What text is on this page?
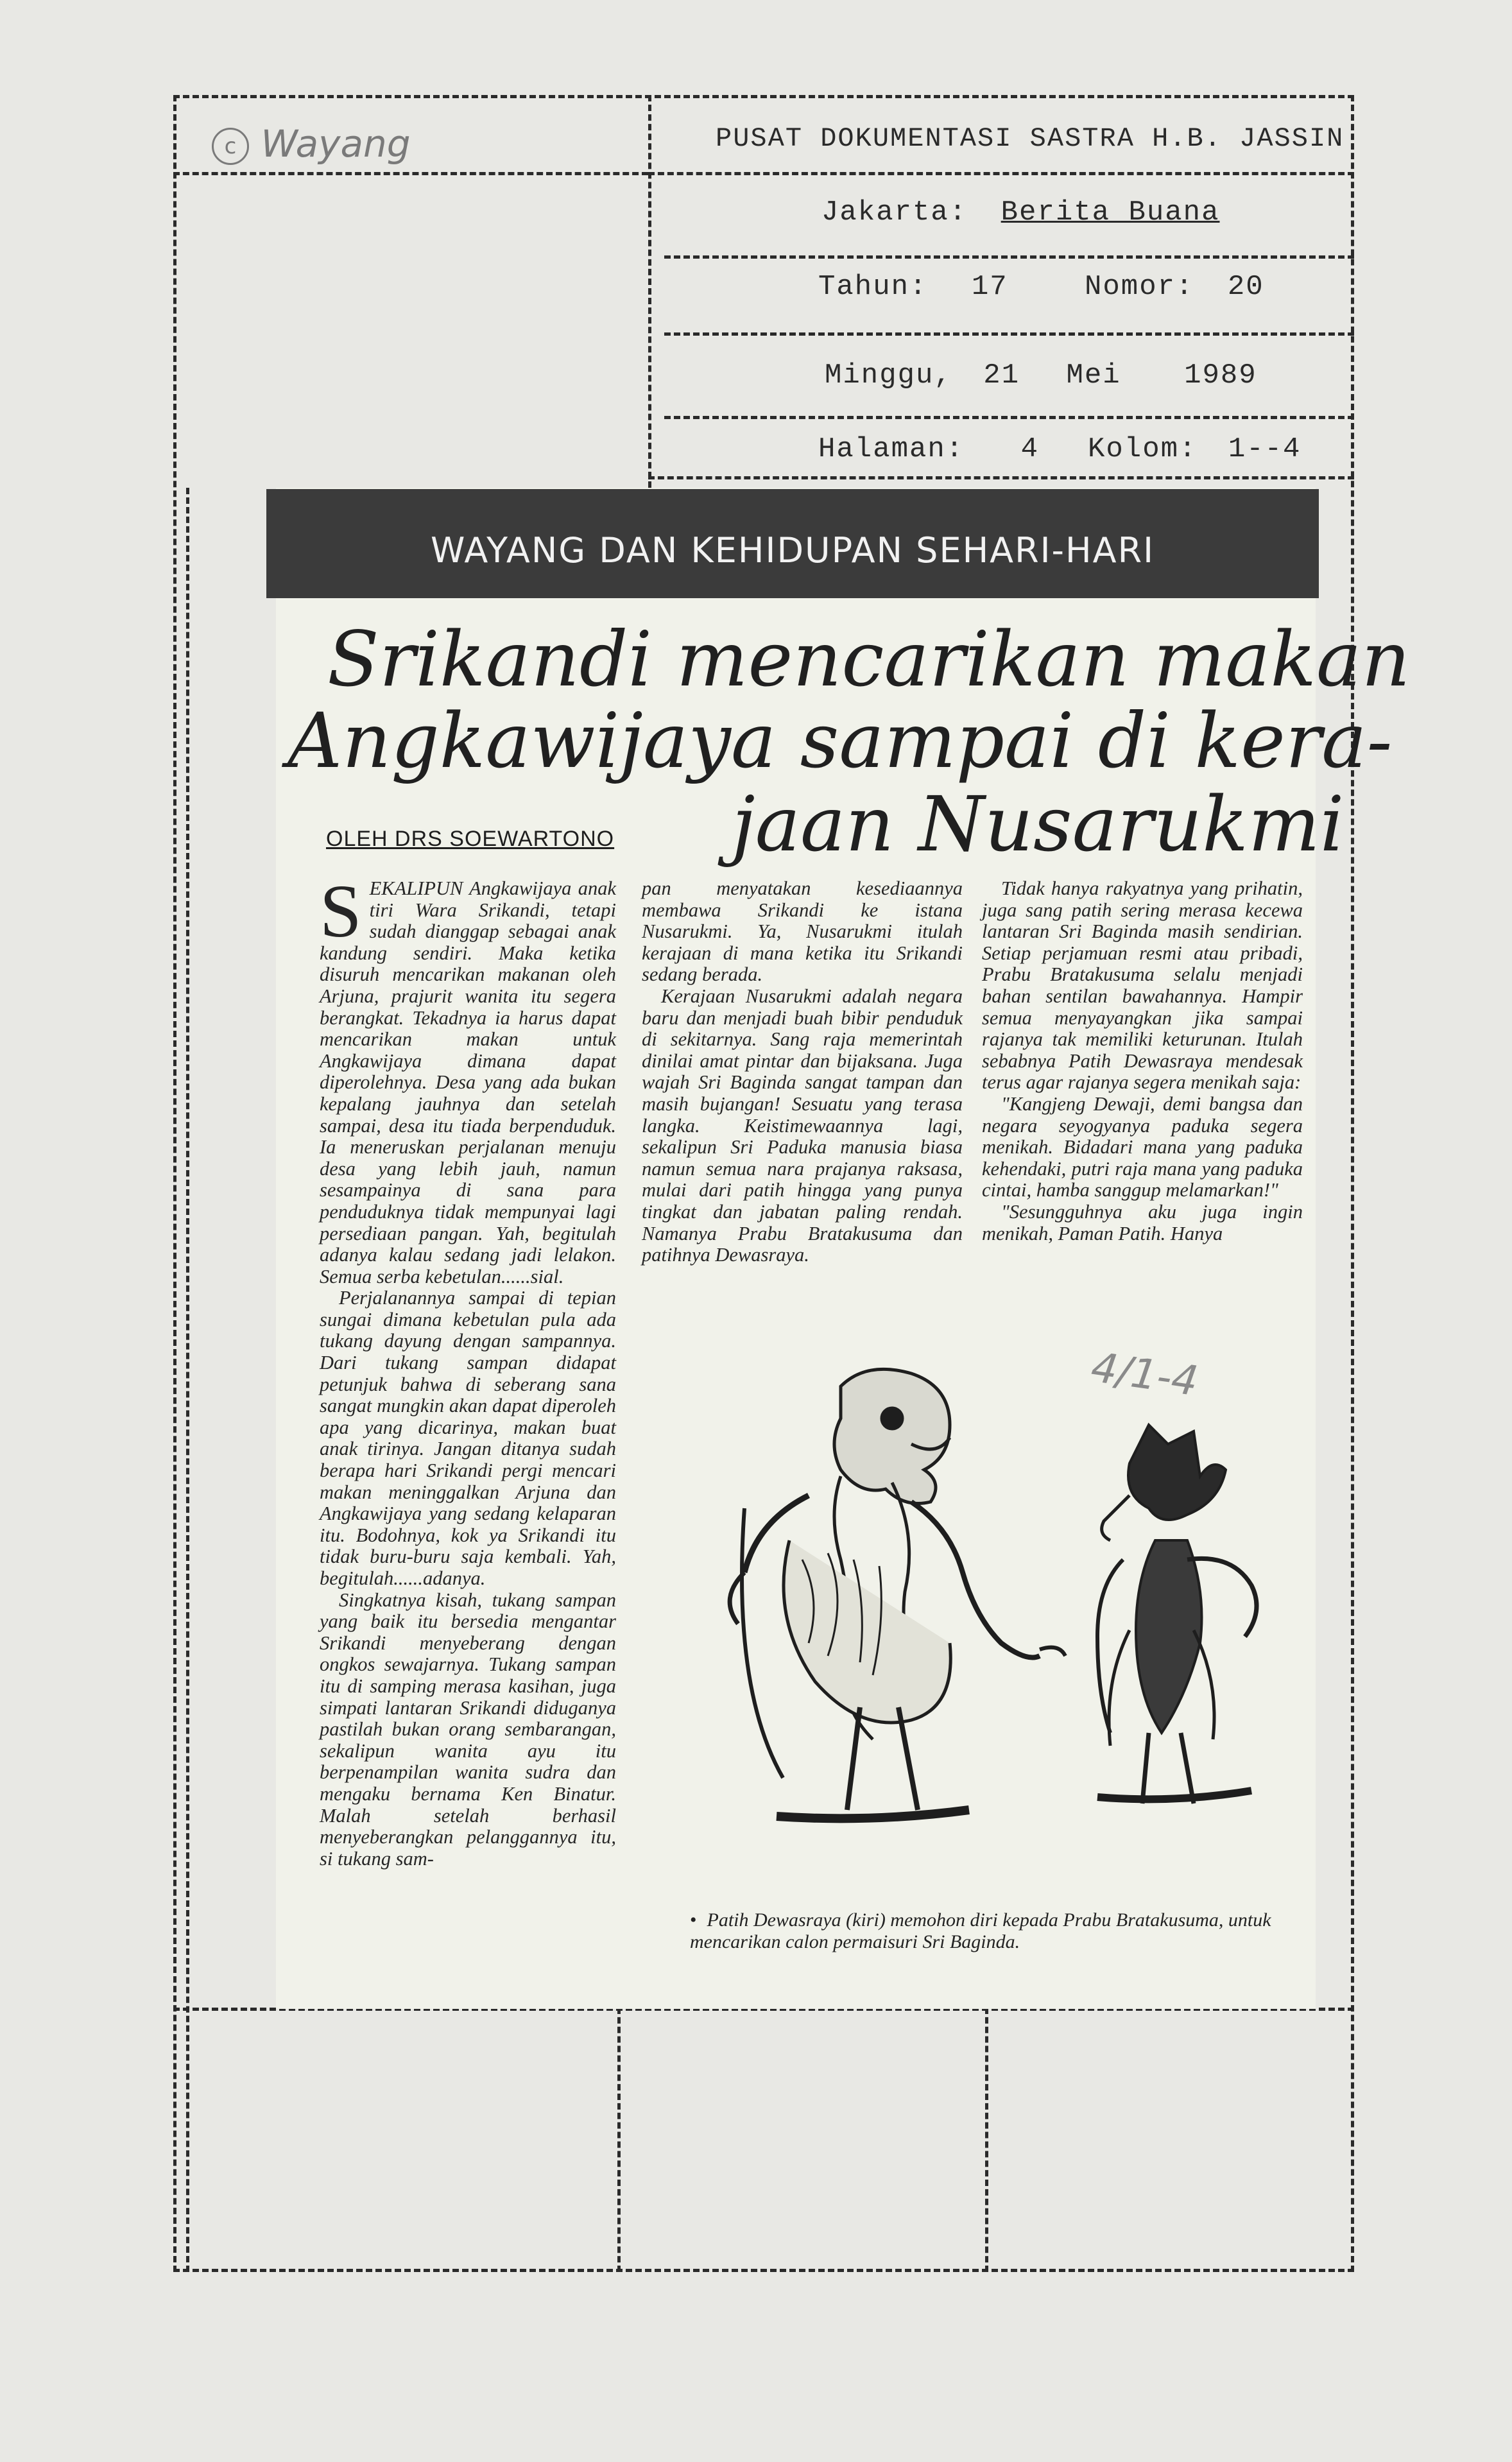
c Wayang	PUSAT DOKUMENTASI SASTRA H.B. JASSIN
Jakarta: Berita Buana
Tahun: 17	Nomor: 20
Minggu, 21 Mei 1989
Halaman: 4 Kolom: 1--4
WAYANG DAN KEHIDUPAN SEHARI-HARI
Srikandi mencarikan makan
Angkawijaya sampai di kera-
jaan Nusarukmi
OLEH DRS SOEWARTONO

SEKALIPUN Angkawijaya anak tiri Wara Srikandi, tetapi sudah dianggap sebagai anak kandung sendiri. Maka ketika disuruh mencarikan makanan oleh Arjuna, prajurit wanita itu segera berangkat. Tekadnya ia harus dapat mencarikan makan untuk Angkawijaya dimana dapat diperolehnya. Desa yang ada bukan kepalang jauhnya dan setelah sampai, desa itu tiada berpenduduk. Ia meneruskan perjalanan menuju desa yang lebih jauh, namun sesampainya di sana para penduduknya tidak mempunyai lagi persediaan pangan. Yah, begitulah adanya kalau sedang jadi lelakon. Semua serba kebetulan......sial.

Perjalanannya sampai di tepian sungai dimana kebetulan pula ada tukang dayung dengan sampannya. Dari tukang sampan didapat petunjuk bahwa di seberang sana sangat mungkin akan dapat diperoleh apa yang dicarinya, makan buat anak tirinya. Jangan ditanya sudah berapa hari Srikandi pergi mencari makan meninggalkan Arjuna dan Angkawijaya yang sedang kelaparan itu. Bodohnya, kok ya Srikandi itu tidak buru-buru saja kembali. Yah, begitulah......adanya.

Singkatnya kisah, tukang sampan yang baik itu bersedia mengantar Srikandi menyeberang dengan ongkos sewajarnya. Tukang sampan itu di samping merasa kasihan, juga simpati lantaran Srikandi diduganya pastilah bukan orang sembarangan, sekalipun wanita ayu itu berpenampilan wanita sudra dan mengaku bernama Ken Binatur. Malah setelah berhasil menyeberangkan pelanggannya itu, si tukang sam-

pan menyatakan kesediaannya membawa Srikandi ke istana Nusarukmi. Ya, Nusarukmi itulah kerajaan di mana ketika itu Srikandi sedang berada.

Kerajaan Nusarukmi adalah negara baru dan menjadi buah bibir penduduk di sekitarnya. Sang raja memerintah dinilai amat pintar dan bijaksana. Juga wajah Sri Baginda sangat tampan dan masih bujangan! Sesuatu yang terasa langka. Keistimewaannya lagi, sekalipun Sri Paduka manusia biasa namun semua nara prajanya raksasa, mulai dari patih hingga yang punya tingkat dan jabatan paling rendah. Namanya Prabu Bratakusuma dan patihnya Dewasraya.

Tidak hanya rakyatnya yang prihatin, juga sang patih sering merasa kecewa lantaran Sri Baginda masih sendirian. Setiap perjamuan resmi atau pribadi, Prabu Bratakusuma selalu menjadi bahan sentilan bawahannya. Hampir semua menyayangkan jika sampai rajanya tak memiliki keturunan. Itulah sebabnya Patih Dewasraya mendesak terus agar rajanya segera menikah saja:

"Kangjeng Dewaji, demi bangsa dan negara seyogyanya paduka segera menikah. Bidadari mana yang paduka kehendaki, putri raja mana yang paduka cintai, hamba sanggup melamarkan!"

"Sesungguhnya aku juga ingin menikah, Paman Patih. Hanya

4/1-4
• Patih Dewasraya (kiri) memohon diri kepada Prabu Bratakusuma, untuk mencarikan calon permaisuri Sri Baginda.
